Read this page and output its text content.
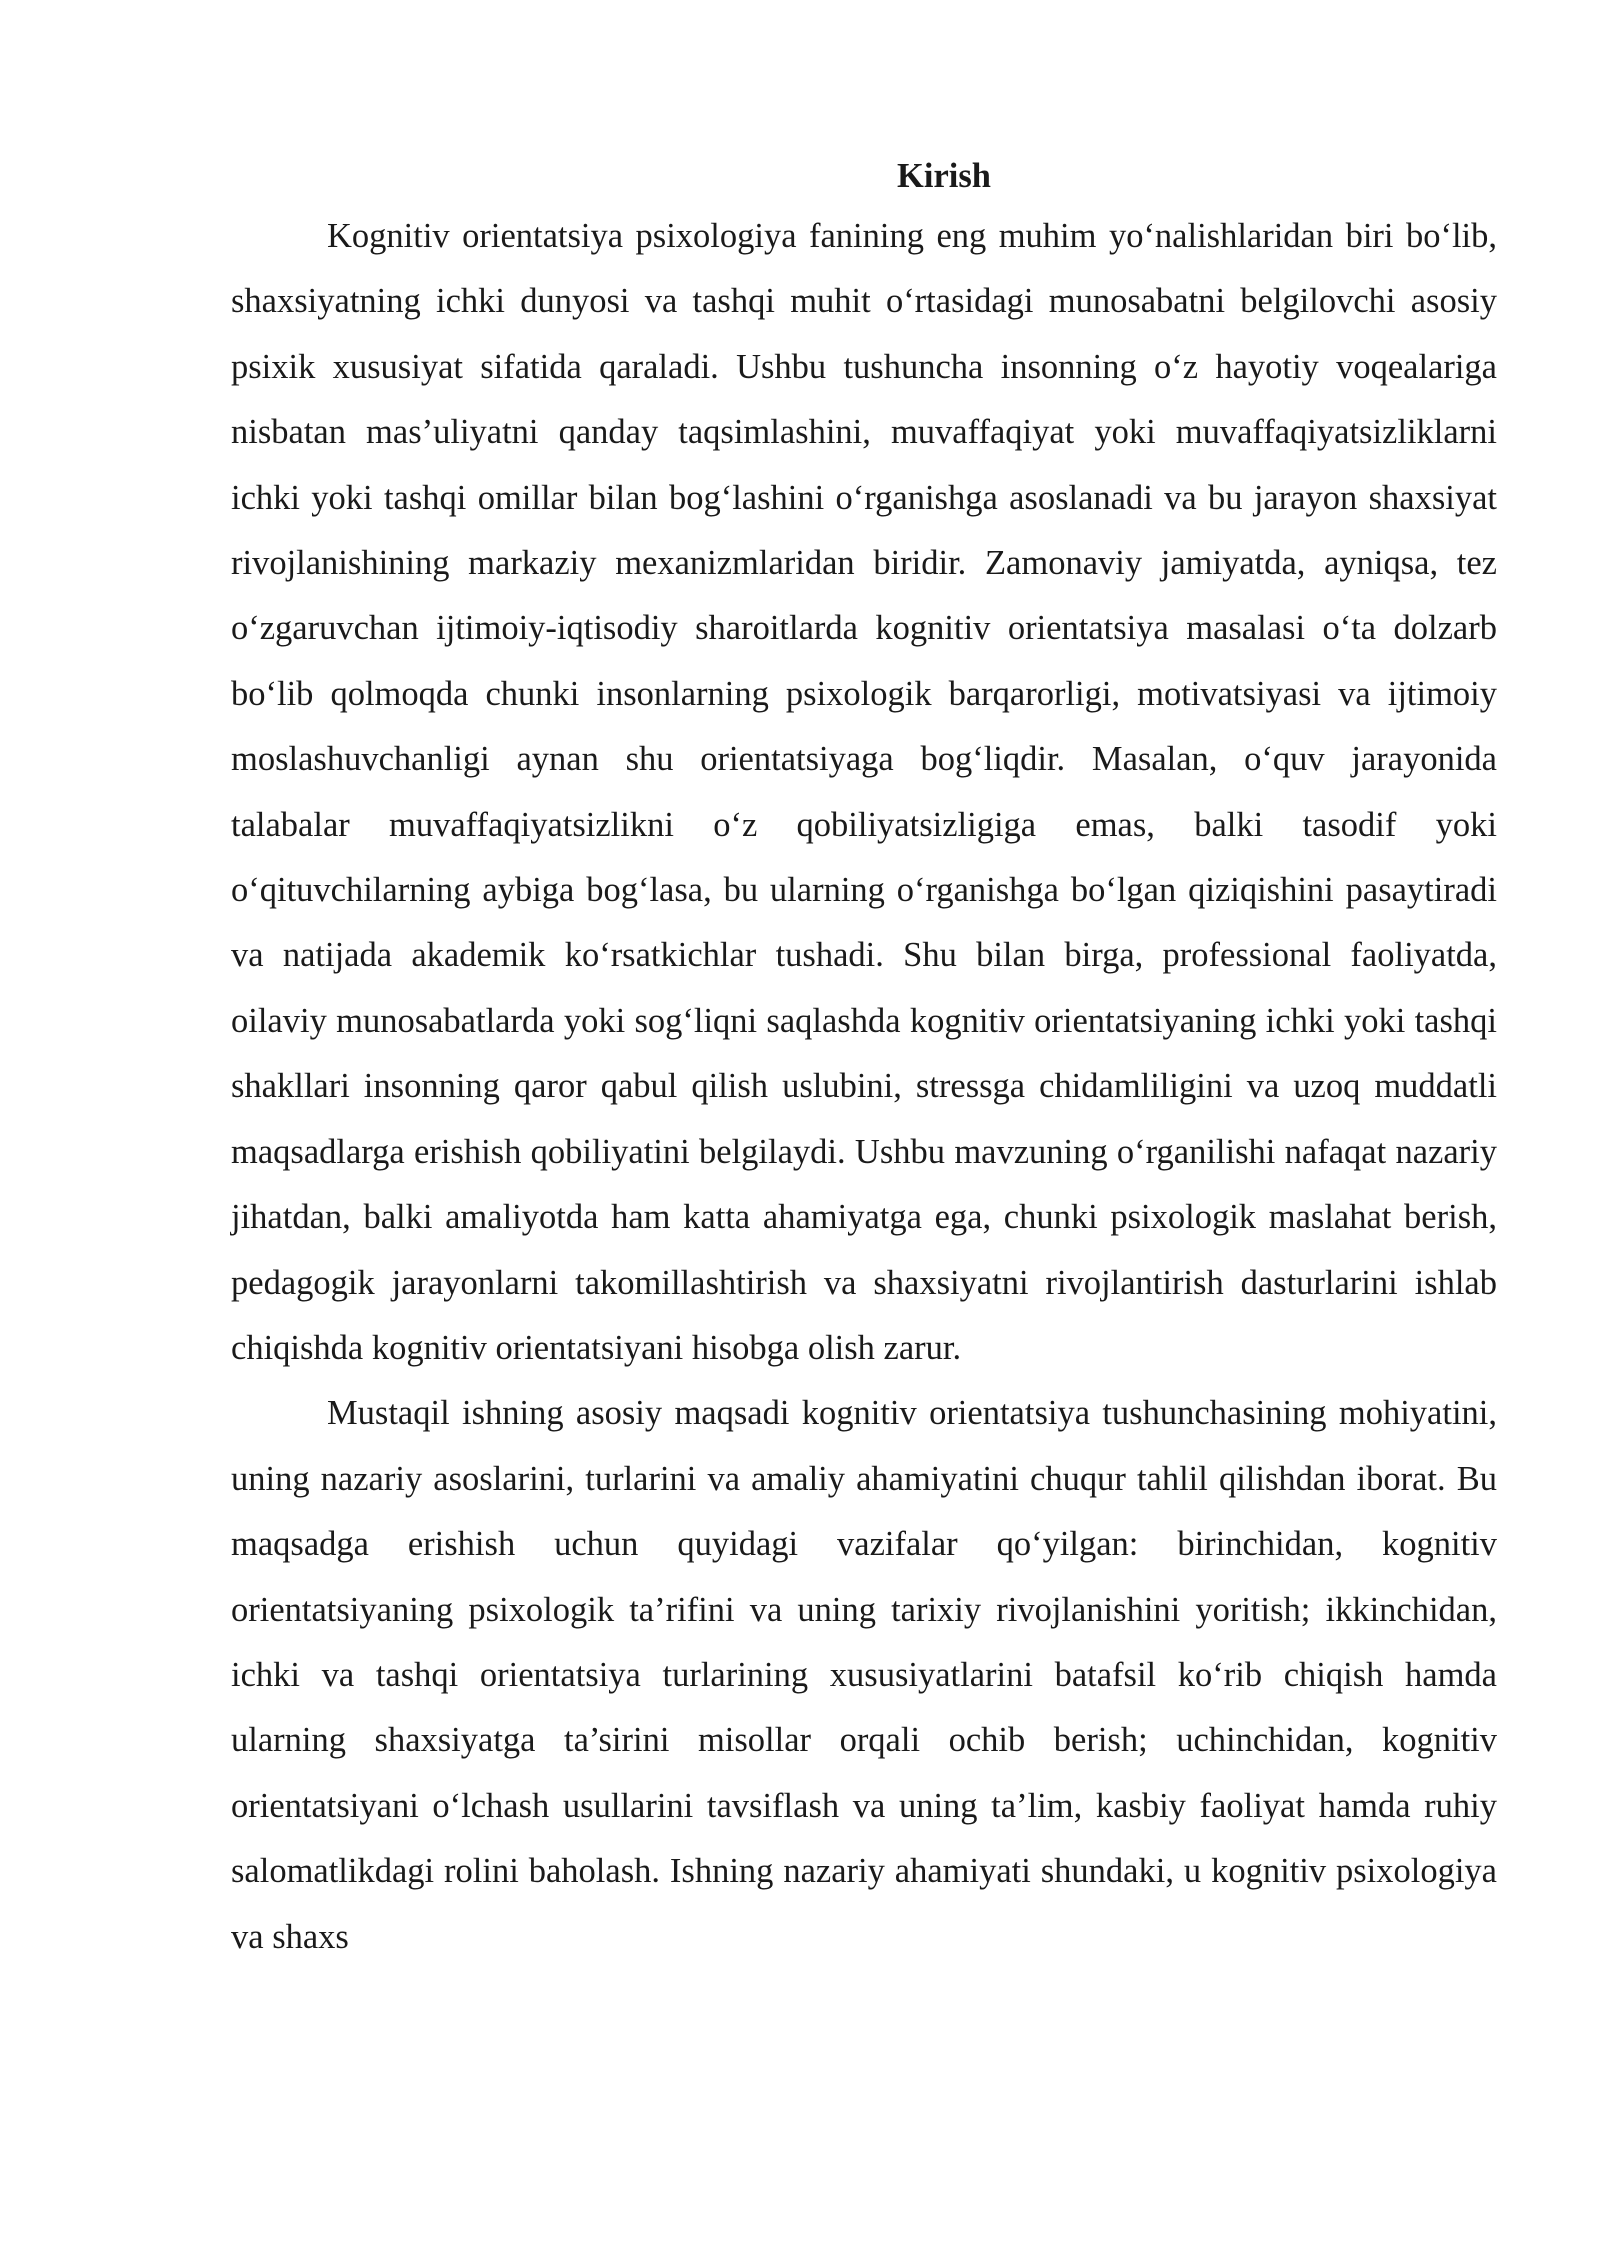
Kirish

Kognitiv orientatsiya psixologiya fanining eng muhim yo‘nalishlaridan biri bo‘lib, shaxsiyatning ichki dunyosi va tashqi muhit o‘rtasidagi munosabatni belgilovchi asosiy psixik xususiyat sifatida qaraladi. Ushbu tushuncha insonning o‘z hayotiy voqealariga nisbatan mas’uliyatni qanday taqsimlashini, muvaffaqiyat yoki muvaffaqiyatsizliklarni ichki yoki tashqi omillar bilan bog‘lashini o‘rganishga asoslanadi va bu jarayon shaxsiyat rivojlanishining markaziy mexanizmlaridan biridir. Zamonaviy jamiyatda, ayniqsa, tez o‘zgaruvchan ijtimoiy-iqtisodiy sharoitlarda kognitiv orientatsiya masalasi o‘ta dolzarb bo‘lib qolmoqda chunki insonlarning psixologik barqarorligi, motivatsiyasi va ijtimoiy moslashuvchanligi aynan shu orientatsiyaga bog‘liqdir. Masalan, o‘quv jarayonida talabalar muvaffaqiyatsizlikni o‘z qobiliyatsizligiga emas, balki tasodif yoki o‘qituvchilarning aybiga bog‘lasa, bu ularning o‘rganishga bo‘lgan qiziqishini pasaytiradi va natijada akademik ko‘rsatkichlar tushadi. Shu bilan birga, professional faoliyatda, oilaviy munosabatlarda yoki sog‘liqni saqlashda kognitiv orientatsiyaning ichki yoki tashqi shakllari insonning qaror qabul qilish uslubini, stressga chidamliligini va uzoq muddatli maqsadlarga erishish qobiliyatini belgilaydi. Ushbu mavzuning o‘rganilishi nafaqat nazariy jihatdan, balki amaliyotda ham katta ahamiyatga ega, chunki psixologik maslahat berish, pedagogik jarayonlarni takomillashtirish va shaxsiyatni rivojlantirish dasturlarini ishlab chiqishda kognitiv orientatsiyani hisobga olish zarur.

Mustaqil ishning asosiy maqsadi kognitiv orientatsiya tushunchasining mohiyatini, uning nazariy asoslarini, turlarini va amaliy ahamiyatini chuqur tahlil qilishdan iborat. Bu maqsadga erishish uchun quyidagi vazifalar qo‘yilgan: birinchidan, kognitiv orientatsiyaning psixologik ta’rifini va uning tarixiy rivojlanishini yoritish; ikkinchidan, ichki va tashqi orientatsiya turlarining xususiyatlarini batafsil ko‘rib chiqish hamda ularning shaxsiyatga ta’sirini misollar orqali ochib berish; uchinchidan, kognitiv orientatsiyani o‘lchash usullarini tavsiflash va uning ta’lim, kasbiy faoliyat hamda ruhiy salomatlikdagi rolini baholash. Ishning nazariy ahamiyati shundaki, u kognitiv psixologiya va shaxs
